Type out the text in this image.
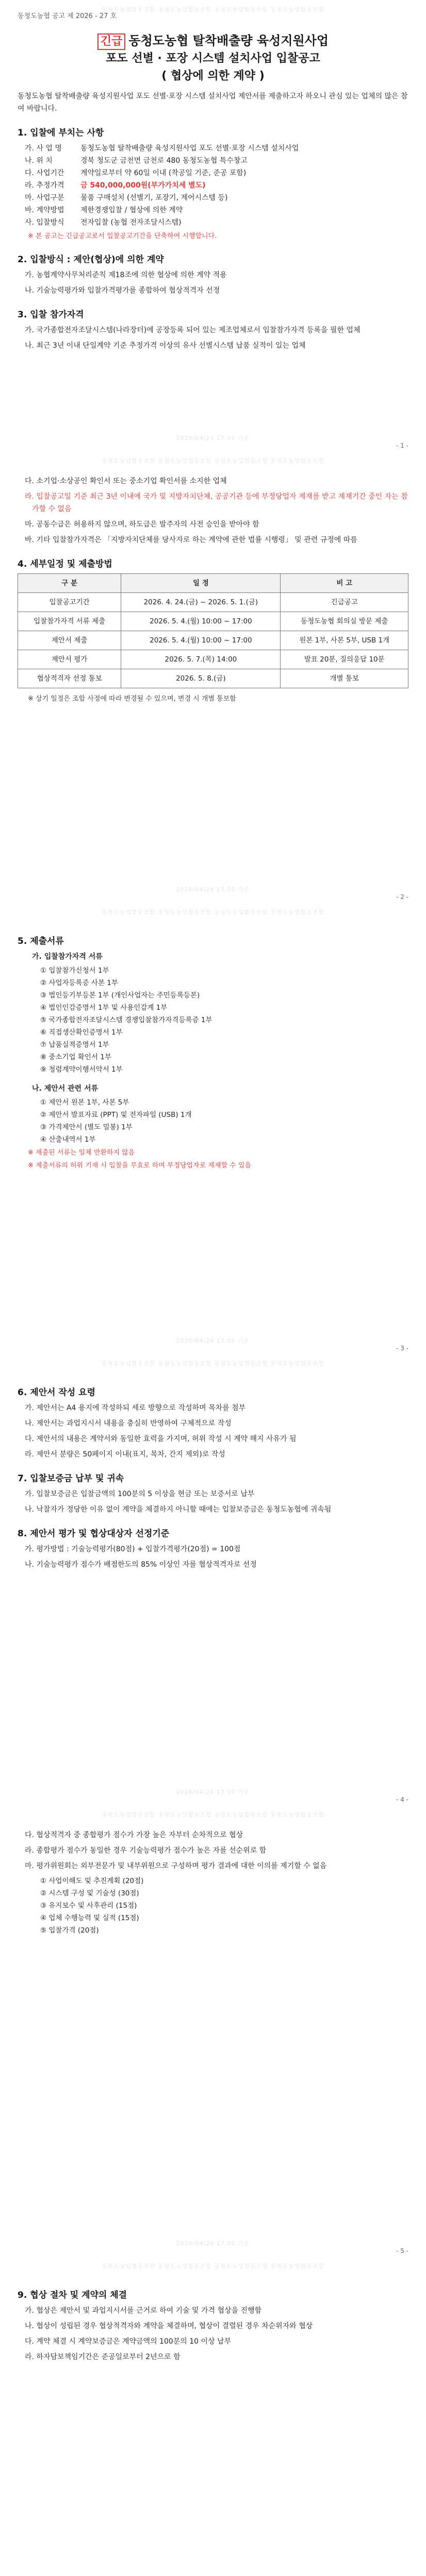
동청도농업협동조합 동청도농업협동조합 동청도농업협동조합 동청도농업협동조합
동청도농협 공고 제 2026 - 27 호
긴급 동청도농협 탈착배출량 육성지원사업
포도 선별 · 포장 시스템 설치사업 입찰공고
( 협상에 의한 계약 )
동청도농협 탈착배출량 육성지원사업 포도 선별·포장 시스템 설치사업 제안서를 제출하고자 하오니 관심 있는 업체의 많은 참여 바랍니다.
1. 입찰에 부치는 사항
가. 사 업 명	동청도농협 탈착배출량 육성지원사업 포도 선별·포장 시스템 설치사업
나. 위 치	경북 청도군 금천면 금천로 480 동청도농협 특수창고
다. 사업기간	계약일로부터 약 60일 이내 (착공일 기준, 준공 포함)
라. 추정가격	금 540,000,000원(부가가치세 별도)
마. 사업구분	물품 구매설치 (선별기, 포장기, 제어시스템 등)
바. 계약방법	제한경쟁입찰 / 협상에 의한 계약
사. 입찰방식	전자입찰 (농협 전자조달시스템)
※ 본 공고는 긴급공고로서 입찰공고기간을 단축하여 시행합니다.
2. 입찰방식 : 제안(협상)에 의한 계약
가. 농협계약사무처리준칙 제18조에 의한 협상에 의한 계약 적용
나. 기술능력평가와 입찰가격평가를 종합하여 협상적격자 선정
3. 입찰 참가자격
가. 국가종합전자조달시스템(나라장터)에 공장등록 되어 있는 제조업체로서 입찰참가자격 등록을 필한 업체
나. 최근 3년 이내 단일계약 기준 추정가격 이상의 유사 선별시스템 납품 실적이 있는 업체
- 1 -
2026/04/24 17:00 기준
동청도농업협동조합 동청도농업협동조합 동청도농업협동조합 동청도농업협동조합
다. 소기업·소상공인 확인서 또는 중소기업 확인서를 소지한 업체
라. 입찰공고일 기준 최근 3년 이내에 국가 및 지방자치단체, 공공기관 등에 부정당업자 제재를 받고 제재기간 중인 자는 참가할 수 없음
마. 공동수급은 허용하지 않으며, 하도급은 발주자의 사전 승인을 받아야 함
바. 기타 입찰참가자격은 「지방자치단체를 당사자로 하는 계약에 관한 법률 시행령」 및 관련 규정에 따름
4. 세부일정 및 제출방법
구 분	일 정	비 고
입찰공고기간	2026. 4. 24.(금) ~ 2026. 5. 1.(금)	긴급공고
입찰참가자격 서류 제출	2026. 5. 4.(월) 10:00 ~ 17:00	동청도농협 회의실 방문 제출
제안서 제출	2026. 5. 4.(월) 10:00 ~ 17:00	원본 1부, 사본 5부, USB 1개
제안서 평가	2026. 5. 7.(목) 14:00	발표 20분, 질의응답 10분
협상적격자 선정 통보	2026. 5. 8.(금)	개별 통보
※ 상기 일정은 조합 사정에 따라 변경될 수 있으며, 변경 시 개별 통보함
- 2 -
2026/04/24 17:00 기준
동청도농업협동조합 동청도농업협동조합 동청도농업협동조합 동청도농업협동조합
5. 제출서류
가. 입찰참가자격 서류
① 입찰참가신청서 1부
② 사업자등록증 사본 1부
③ 법인등기부등본 1부 (개인사업자는 주민등록등본)
④ 법인인감증명서 1부 및 사용인감계 1부
⑤ 국가종합전자조달시스템 경쟁입찰참가자격등록증 1부
⑥ 직접생산확인증명서 1부
⑦ 납품실적증명서 1부
⑧ 중소기업 확인서 1부
⑨ 청렴계약이행서약서 1부
나. 제안서 관련 서류
① 제안서 원본 1부, 사본 5부
② 제안서 발표자료 (PPT) 및 전자파일 (USB) 1개
③ 가격제안서 (별도 밀봉) 1부
④ 산출내역서 1부
※ 제출된 서류는 일체 반환하지 않음
※ 제출서류의 허위 기재 시 입찰을 무효로 하며 부정당업자로 제재할 수 있음
- 3 -
2026/04/24 17:00 기준
동청도농업협동조합 동청도농업협동조합 동청도농업협동조합 동청도농업협동조합
6. 제안서 작성 요령
가. 제안서는 A4 용지에 작성하되 세로 방향으로 작성하며 목차를 첨부
나. 제안서는 과업지시서 내용을 충실히 반영하여 구체적으로 작성
다. 제안서의 내용은 계약서와 동일한 효력을 가지며, 허위 작성 시 계약 해지 사유가 됨
라. 제안서 분량은 50페이지 이내(표지, 목차, 간지 제외)로 작성
7. 입찰보증금 납부 및 귀속
가. 입찰보증금은 입찰금액의 100분의 5 이상을 현금 또는 보증서로 납부
나. 낙찰자가 정당한 이유 없이 계약을 체결하지 아니할 때에는 입찰보증금은 동청도농협에 귀속됨
8. 제안서 평가 및 협상대상자 선정기준
가. 평가방법 : 기술능력평가(80점) + 입찰가격평가(20점) = 100점
나. 기술능력평가 점수가 배점한도의 85% 이상인 자를 협상적격자로 선정
- 4 -
2026/04/24 17:00 기준
동청도농업협동조합 동청도농업협동조합 동청도농업협동조합 동청도농업협동조합
다. 협상적격자 중 종합평가 점수가 가장 높은 자부터 순차적으로 협상
라. 종합평가 점수가 동일한 경우 기술능력평가 점수가 높은 자를 선순위로 함
마. 평가위원회는 외부전문가 및 내부위원으로 구성하며 평가 결과에 대한 이의를 제기할 수 없음
① 사업이해도 및 추진계획 (20점)
② 시스템 구성 및 기술성 (30점)
③ 유지보수 및 사후관리 (15점)
④ 업체 수행능력 및 실적 (15점)
⑤ 입찰가격 (20점)
- 5 -
2026/04/24 17:00 기준
동청도농업협동조합 동청도농업협동조합 동청도농업협동조합 동청도농업협동조합
9. 협상 절차 및 계약의 체결
가. 협상은 제안서 및 과업지시서를 근거로 하여 기술 및 가격 협상을 진행함
나. 협상이 성립된 경우 협상적격자와 계약을 체결하며, 협상이 결렬된 경우 차순위자와 협상
다. 계약 체결 시 계약보증금은 계약금액의 100분의 10 이상 납부
라. 하자담보책임기간은 준공일로부터 2년으로 함
